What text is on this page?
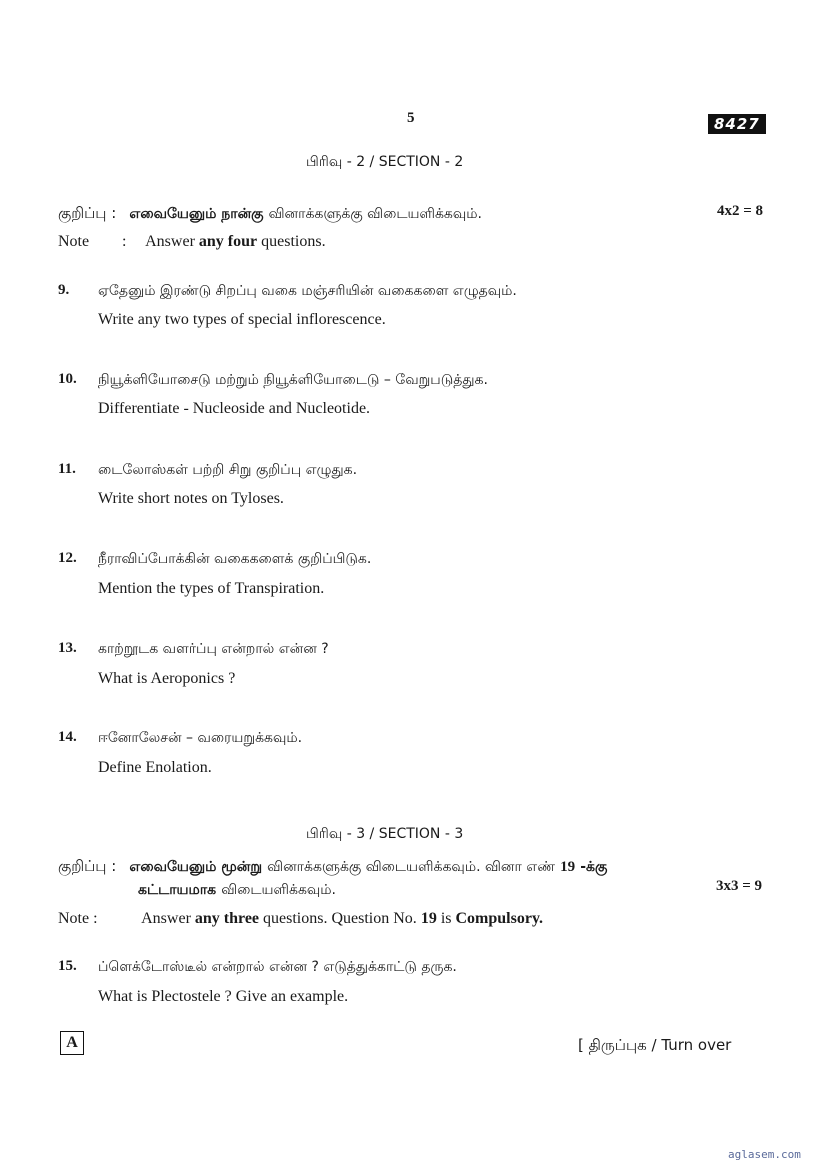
5	8427
பிரிவு - 2 / SECTION - 2
குறிப்பு : எவையேனும் நான்கு வினாக்களுக்கு விடையளிக்கவும்.	4x2 = 8
Note : Answer any four questions.
9. ஏதேனும் இரண்டு சிறப்பு வகை மஞ்சரியின் வகைகளை எழுதவும்.
Write any two types of special inflorescence.
10. நியூக்ளியோசைடு மற்றும் நியூக்ளியோடைடு – வேறுபடுத்துக.
Differentiate - Nucleoside and Nucleotide.
11. டைலோஸ்கள் பற்றி சிறு குறிப்பு எழுதுக.
Write short notes on Tyloses.
12. நீராவிப்போக்கின் வகைகளைக் குறிப்பிடுக.
Mention the types of Transpiration.
13. காற்றூடக வளர்ப்பு என்றால் என்ன ?
What is Aeroponics ?
14. ஈனோலேசன் – வரையறுக்கவும்.
Define Enolation.
பிரிவு - 3 / SECTION - 3
குறிப்பு : எவையேனும் மூன்று வினாக்களுக்கு விடையளிக்கவும். வினா எண் 19 -க்கு
கட்டாயமாக விடையளிக்கவும்.	3x3 = 9
Note :	Answer any three questions. Question No. 19 is Compulsory.
15. ப்ளெக்டோஸ்டீல் என்றால் என்ன ? எடுத்துக்காட்டு தருக.
What is Plectostele ? Give an example.
A	[ திருப்புக / Turn over
aglasem.com
